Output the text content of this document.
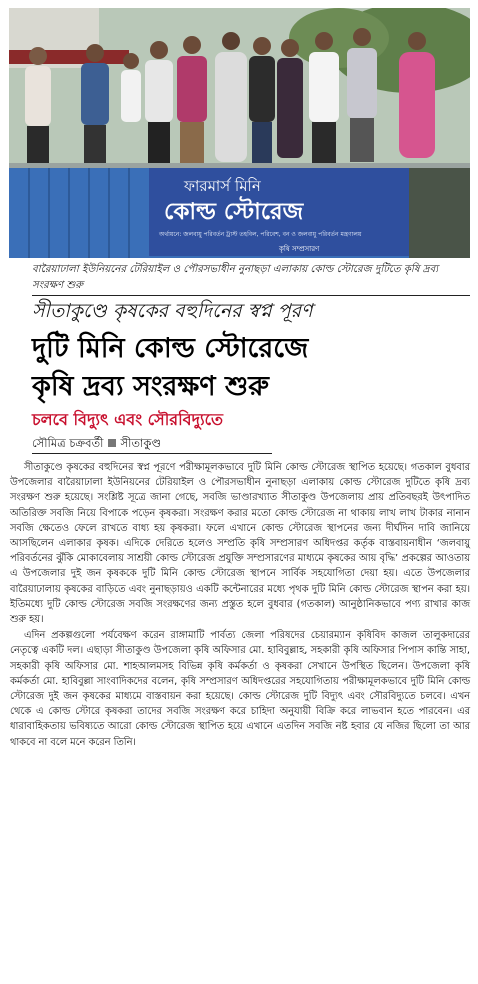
ফারমার্স মিনি
কোল্ড স্টোরেজ
অর্থায়নে: জলবায়ু পরিবর্তন ট্রাস্ট তহবিল, পরিবেশ, বন ও জলবায়ু পরিবর্তন মন্ত্রণালয়
কৃষি সম্প্রসারণ
বারৈয়াঢালা ইউনিয়নের টেরিয়াইল ও পৌরসভাধীন নুনাছড়া এলাকায় কোল্ড স্টোরেজ দুটিতে কৃষি দ্রব্য সংরক্ষণ শুরু
সীতাকুণ্ডে কৃষকের বহুদিনের স্বপ্ন পূরণ
দুটি মিনি কোল্ড স্টোরেজে
কৃষি দ্রব্য সংরক্ষণ শুরু
চলবে বিদ্যুৎ এবং সৌরবিদ্যুতে
সৌমিত্র চক্রবর্তী সীতাকুণ্ড

সীতাকুণ্ডে কৃষকের বহুদিনের স্বপ্ন পূরণে পরীক্ষামূলকভাবে দুটি মিনি কোল্ড স্টোরেজ স্থাপিত হয়েছে। গতকাল বুধবার উপজেলার বারৈয়াঢালা ইউনিয়নের টেরিয়াইল ও পৌরসভাধীন নুনাছড়া এলাকায় কোল্ড স্টোরেজ দুটিতে কৃষি দ্রব্য সংরক্ষণ শুরু হয়েছে। সংশ্লিষ্ট সূত্রে জানা গেছে, সবজি ভাণ্ডারখ্যাত সীতাকুণ্ড উপজেলায় প্রায় প্রতিবছরই উৎপাদিত অতিরিক্ত সবজি নিয়ে বিপাকে পড়েন কৃষকরা। সংরক্ষণ করার মতো কোল্ড স্টোরেজ না থাকায় লাখ লাখ টাকার নানান সবজি ক্ষেতেও ফেলে রাখতে বাধ্য হয় কৃষকরা। ফলে এখানে কোল্ড স্টোরেজ স্থাপনের জন্য দীর্ঘদিন দাবি জানিয়ে আসছিলেন এলাকার কৃষক। এদিকে দেরিতে হলেও সম্প্রতি কৃষি সম্প্রসারণ অধিদপ্তর কর্তৃক বাস্তবায়নাধীন ‘জলবায়ু পরিবর্তনের ঝুঁকি মোকাবেলায় সাশ্রয়ী কোল্ড স্টোরেজ প্রযুক্তি সম্প্রসারণের মাধ্যমে কৃষকের আয় বৃদ্ধি’ প্রকল্পের আওতায় এ উপজেলার দুই জন কৃষককে দুটি মিনি কোল্ড স্টোরেজ স্থাপনে সার্বিক সহযোগিতা দেয়া হয়। এতে উপজেলার বারৈয়াঢালায় কৃষকের বাড়িতে এবং নুনাছড়ায়ও একটি কন্টেনারের মধ্যে পৃথক দুটি মিনি কোল্ড স্টোরেজ স্থাপন করা হয়। ইতিমধ্যে দুটি কোল্ড স্টোরেজ সবজি সংরক্ষণের জন্য প্রস্তুত হলে বুধবার (গতকাল) আনুষ্ঠানিকভাবে পণ্য রাখার কাজ শুরু হয়।

এদিন প্রকল্পগুলো পর্যবেক্ষণ করেন রাঙ্গামাটি পার্বত্য জেলা পরিষদের চেয়ারম্যান কৃষিবিদ কাজল তালুকদারের নেতৃত্বে একটি দল। এছাড়া সীতাকুণ্ড উপজেলা কৃষি অফিসার মো. হাবিবুল্লাহ, সহকারী কৃষি অফিসার পিপাস কান্তি সাহা, সহকারী কৃষি অফিসার মো. শাহআলমসহ বিভিন্ন কৃষি কর্মকর্তা ও কৃষকরা সেখানে উপস্থিত ছিলেন। উপজেলা কৃষি কর্মকর্তা মো. হাবিবুল্লা সাংবাদিকদের বলেন, কৃষি সম্প্রসারণ অধিদপ্তরের সহযোগিতায় পরীক্ষামূলকভাবে দুটি মিনি কোল্ড স্টোরেজ দুই জন কৃষকের মাধ্যমে বাস্তবায়ন করা হয়েছে। কোল্ড স্টোরেজ দুটি বিদ্যুৎ এবং সৌরবিদ্যুতে চলবে। এখন থেকে এ কোল্ড স্টোরে কৃষকরা তাদের সবজি সংরক্ষণ করে চাহিদা অনুযায়ী বিক্রি করে লাভবান হতে পারবেন। এর ধারাবাহিকতায় ভবিষ্যতে আরো কোল্ড স্টোরেজ স্থাপিত হয়ে এখানে এতদিন সবজি নষ্ট হবার যে নজির ছিলো তা আর থাকবে না বলে মনে করেন তিনি।
